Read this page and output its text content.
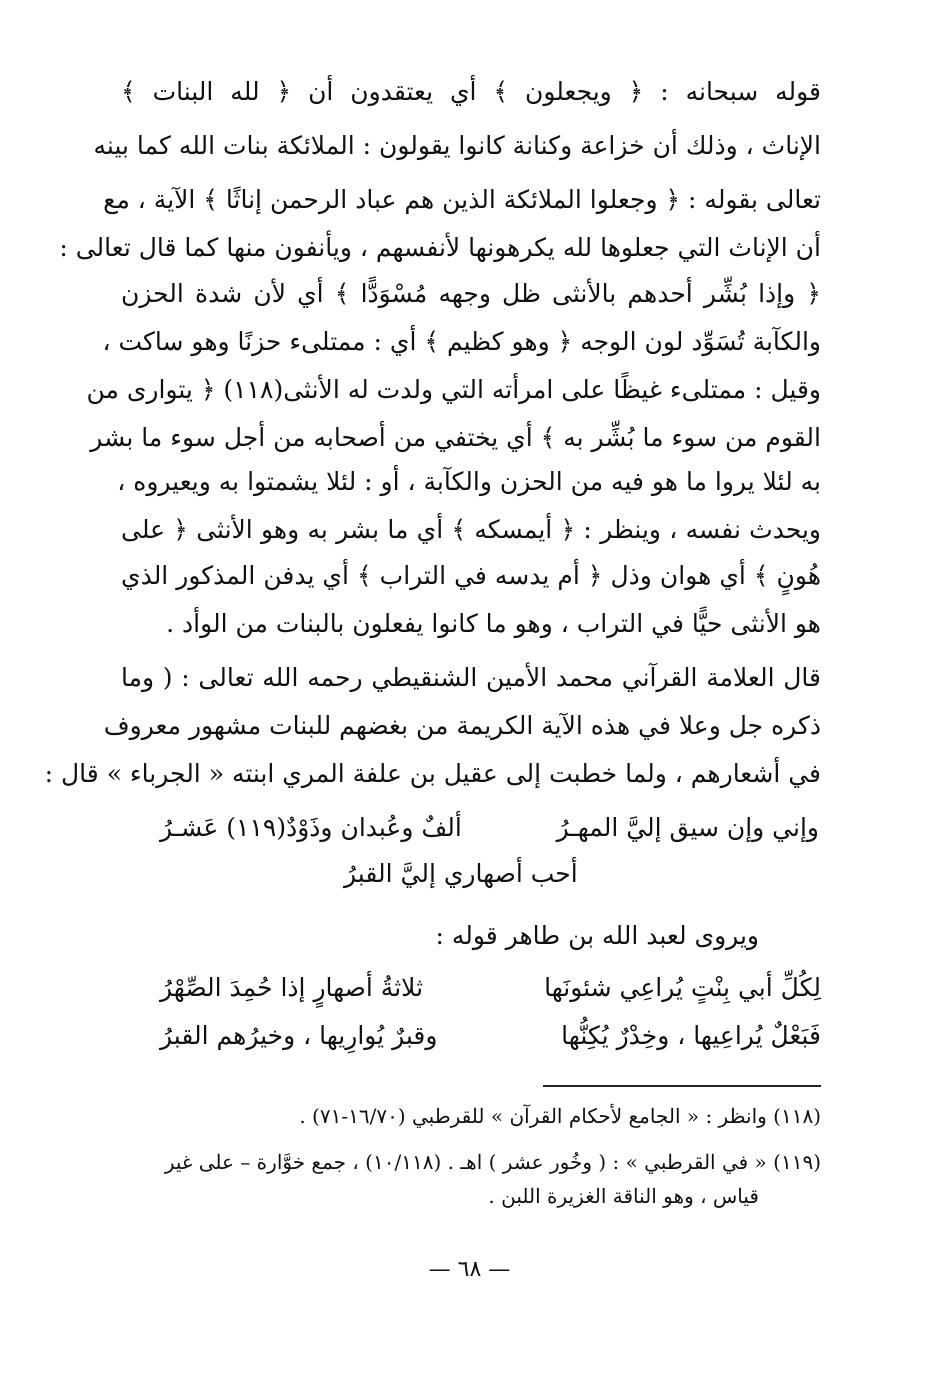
قوله سبحانه : ﴿ ويجعلون ﴾ أي يعتقدون أن ﴿ لله البنات ﴾
الإناث ، وذلك أن خزاعة وكنانة كانوا يقولون : الملائكة بنات الله كما بينه
تعالى بقوله : ﴿ وجعلوا الملائكة الذين هم عباد الرحمن إناثًا ﴾ الآية ، مع
أن الإناث التي جعلوها لله يكرهونها لأنفسهم ، ويأنفون منها كما قال تعالى :
﴿ وإذا بُشِّر أحدهم بالأنثى ظل وجهه مُسْوَدًّا ﴾ أي لأن شدة الحزن
والكآبة تُسَوِّد لون الوجه ﴿ وهو كظيم ﴾ أي : ممتلىء حزنًا وهو ساكت ،
وقيل : ممتلىء غيظًا على امرأته التي ولدت له الأنثى(١١٨) ﴿ يتوارى من
القوم من سوء ما بُشِّر به ﴾ أي يختفي من أصحابه من أجل سوء ما بشر
به لئلا يروا ما هو فيه من الحزن والكآبة ، أو : لئلا يشمتوا به ويعيروه ،
ويحدث نفسه ، وينظر : ﴿ أيمسكه ﴾ أي ما بشر به وهو الأنثى ﴿ على
هُونٍ ﴾ أي هوان وذل ﴿ أم يدسه في التراب ﴾ أي يدفن المذكور الذي
هو الأنثى حيًّا في التراب ، وهو ما كانوا يفعلون بالبنات من الوأد .
قال العلامة القرآني محمد الأمين الشنقيطي رحمه الله تعالى : ( وما
ذكره جل وعلا في هذه الآية الكريمة من بغضهم للبنات مشهور معروف
في أشعارهم ، ولما خطبت إلى عقيل بن علفة المري ابنته « الجرباء » قال :
وإني وإن سيق إليَّ المهـرُ
ألفٌ وعُبدان وذَوْدٌ(١١٩) عَشـرُ
أحب أصهاري إليَّ القبرُ
ويروى لعبد الله بن طاهر قوله :
لِكُلِّ أبي بِنْتٍ يُراعِي شئونَها
ثلاثةُ أصهارٍ إذا حُمِدَ الصِّهْرُ
فَبَعْلٌ يُراعِيها ، وخِدْرٌ يُكِنُّها
وقبرٌ يُوارِيها ، وخيرُهم القبرُ
(١١٨) وانظر : « الجامع لأحكام القرآن » للقرطبي (١٦/٧٠-٧١) .
(١١٩) « في القرطبي » : ( وخُور عشر ) اهـ . (١٠/١١٨) ، جمع خوَّارة – على غير
قياس ، وهو الناقة الغزيرة اللبن .
— ٦٨ —
